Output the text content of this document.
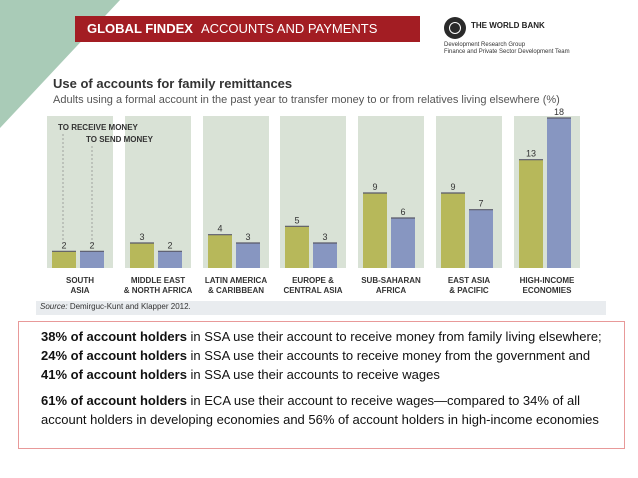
GLOBAL FINDEX ACCOUNTS AND PAYMENTS	THE WORLD BANK
Development Research Group
Finance and Private Sector Development Team
Use of accounts for family remittances
Adults using a formal account in the past year to transfer money to or from relatives living elsewhere (%)
2	2
SOUTH
ASIA
3
2
MIDDLE EAST
& NORTH AFRICA
4
3
LATIN AMERICA
& CARIBBEAN
5
3
EUROPE &
CENTRAL ASIA
9
6
SUB-SAHARAN
AFRICA
9
7
EAST ASIA
& PACIFIC
13
18
HIGH-INCOME
ECONOMIES
TO RECEIVE MONEY
TO SEND MONEY
Source: Demirguc-Kunt and Klapper 2012.

38% of account holders in SSA use their account to receive money from family living elsewhere;

24% of account holders in SSA use their accounts to receive money from the government and

41% of account holders in SSA use their accounts to receive wages

61% of account holders in ECA use their account to receive wages—compared to 34% of all

account holders in developing economies and 56% of account holders in high-income economies
